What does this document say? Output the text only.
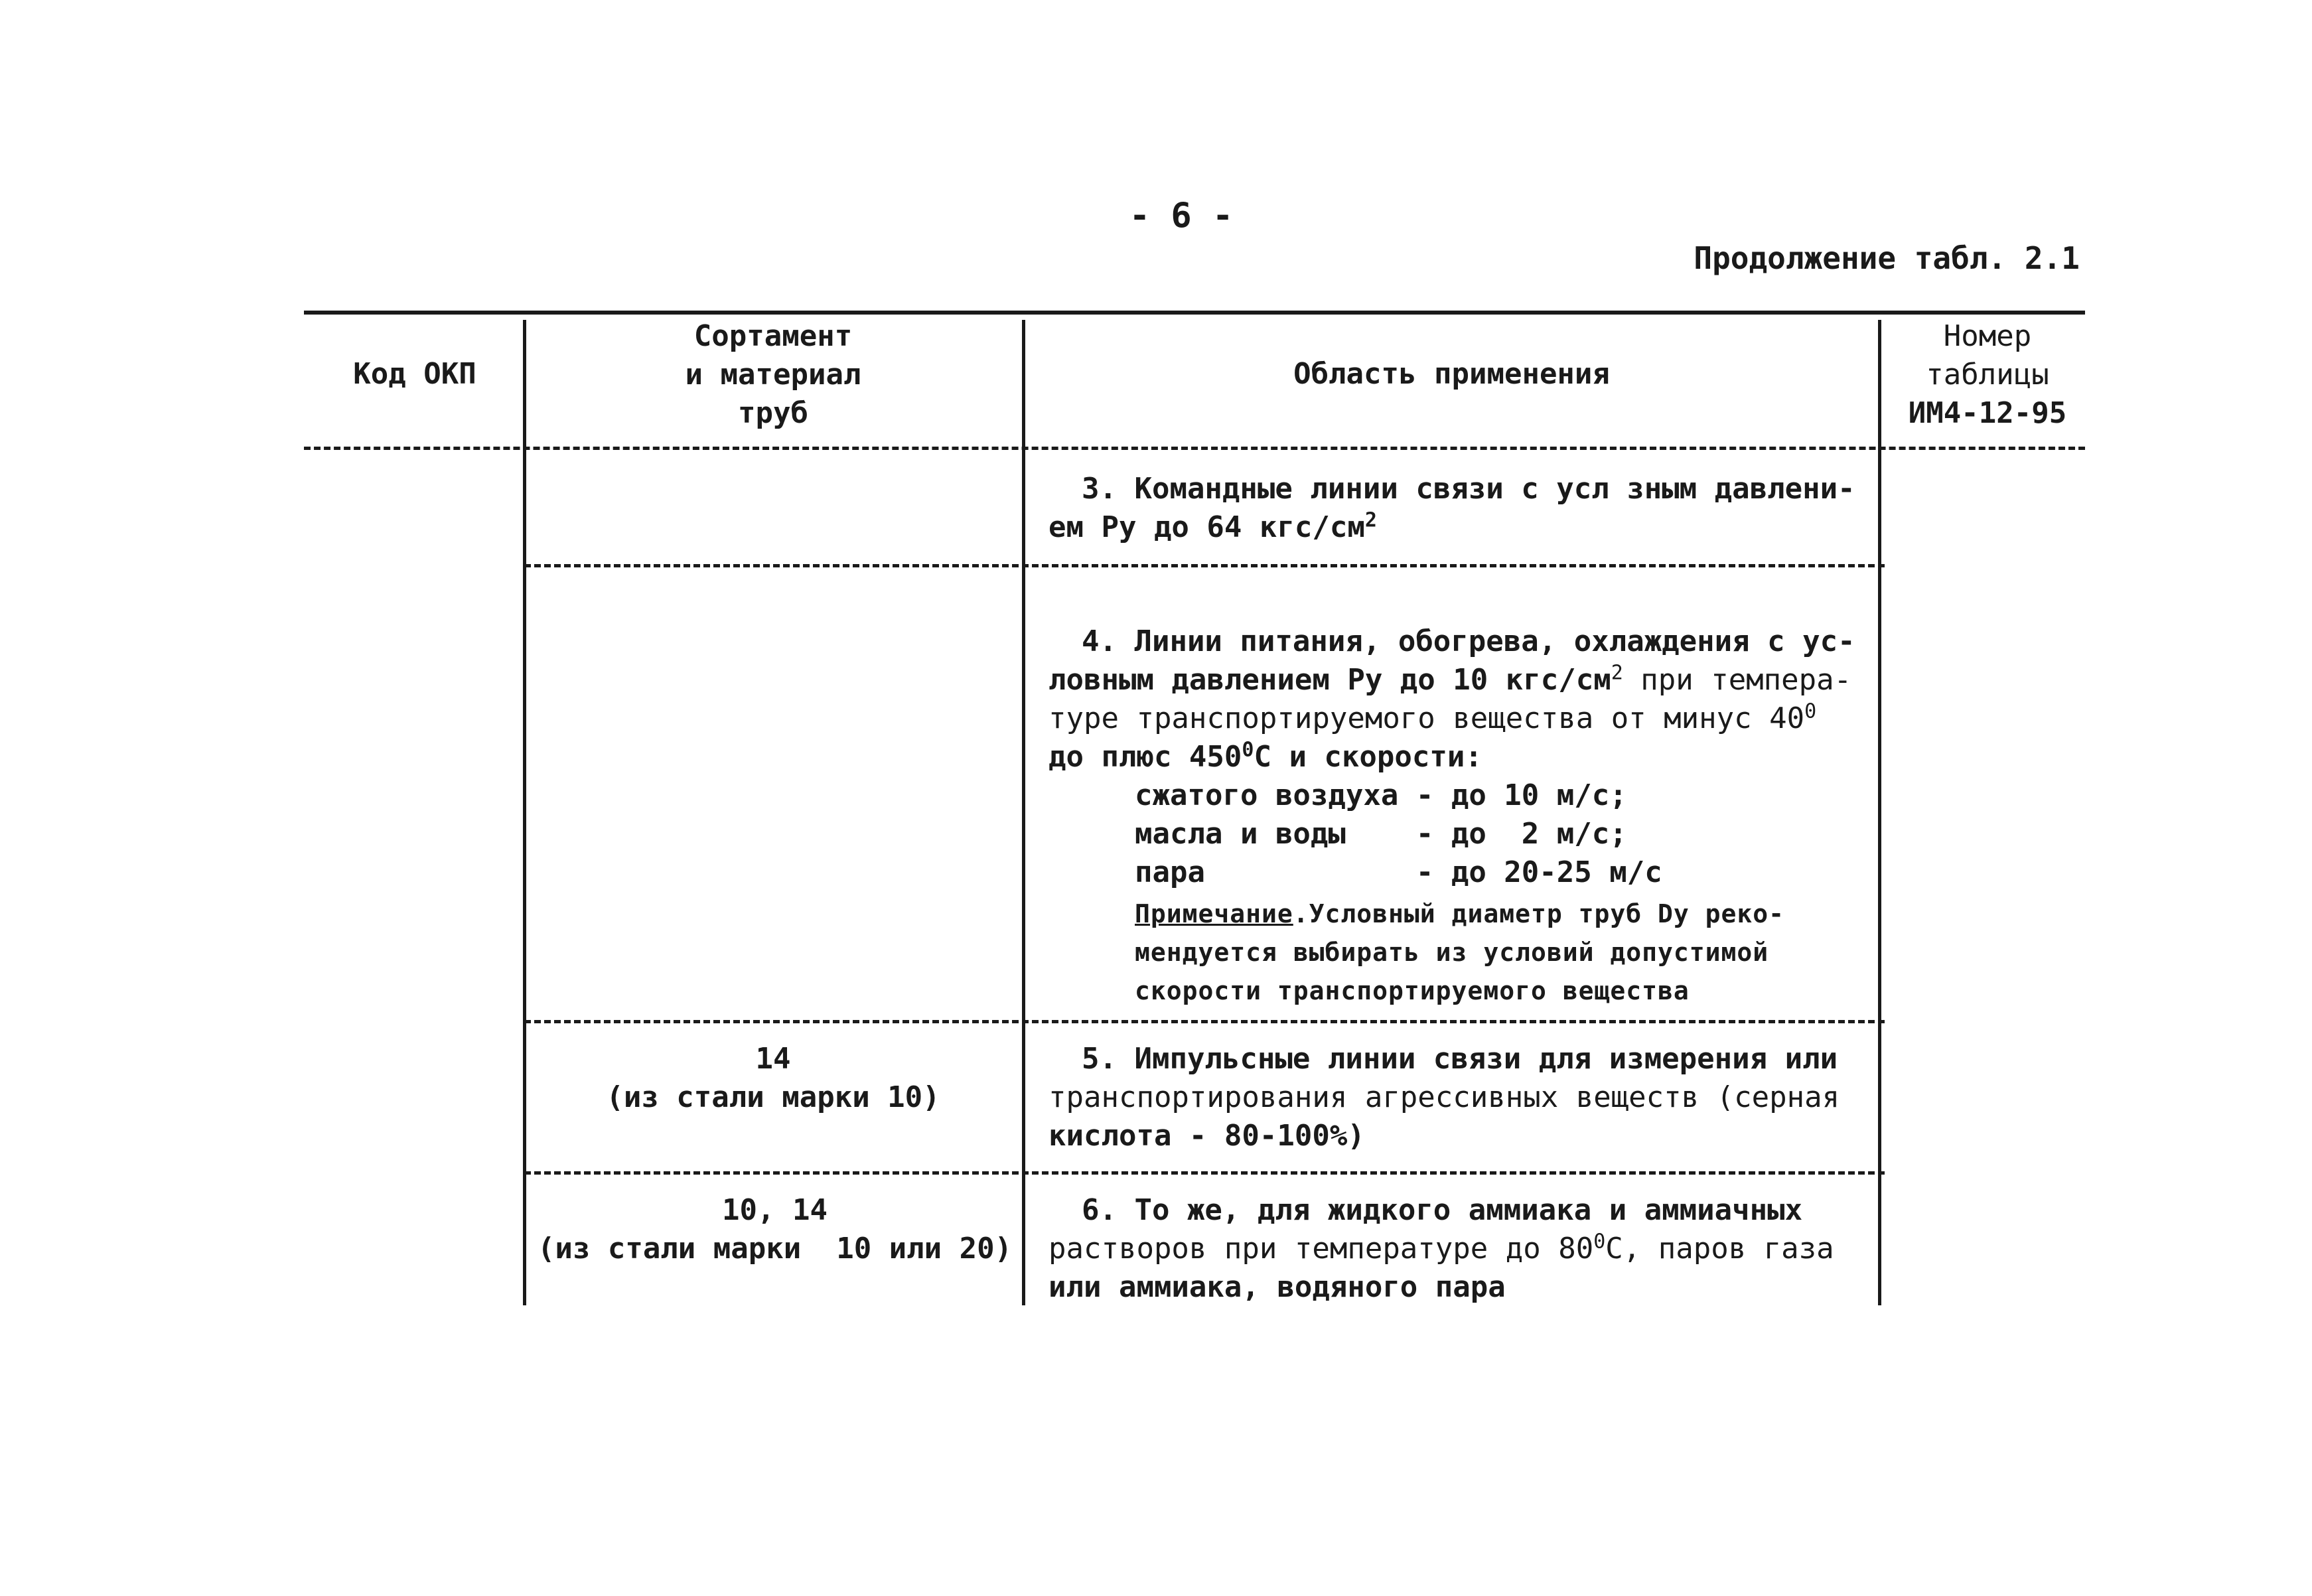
- 6 -
Продолжение табл. 2.1
Код ОКП
Сортамент
и материал
труб
Область применения
Номер
таблицы
ИМ4-12-95
3. Командные линии связи с усл зным давлени-
ем Ру до 64 кгс/$см^2$
4. Линии питания, обогрева, охлаждения с ус-
ловным давлением Ру до 10 кгс/$см^2$ при темпера-
туре транспортируемого вещества от минус $40^0$
до плюс $450^0С$ и скорости:
сжатого воздуха - до 10 м/с;
масла и воды    - до  2 м/с;
пара            - до 20-25 м/с
Примечание.Условный диаметр труб Dу реко-
мендуется выбирать из условий допустимой
скорости транспортируемого вещества
14
(из стали марки 10)
5. Импульсные линии связи для измерения или
транспортирования агрессивных веществ (серная
кислота - 80-100%)
10, 14
(из стали марки  10 или 20)
6. То же, для жидкого аммиака и аммиачных
растворов при температуре до $80^0С$, паров газа
или аммиака, водяного пара
